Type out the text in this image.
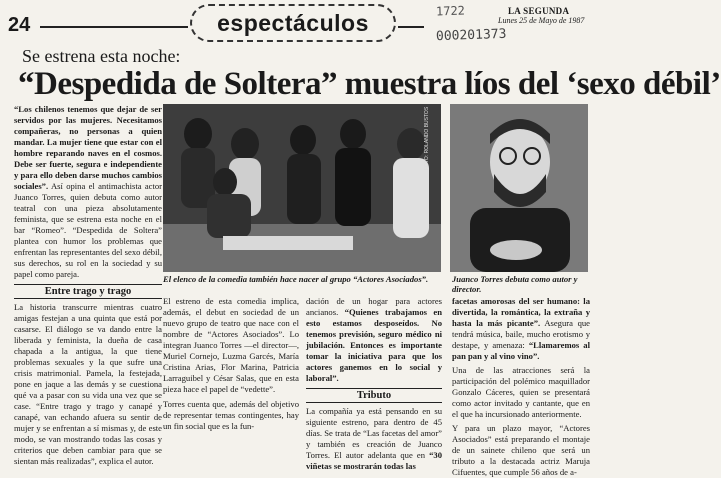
24	espectáculos	1722
000201373
LA SEGUNDA
Lunes 25 de Mayo de 1987
Se estrena esta noche:
“Despedida de Soltera” muestra líos del ‘sexo débil’

“Los chilenos tenemos que dejar de ser servidos por las mujeres. Necesitamos compañeras, no personas a quien mandar. La mujer tiene que estar con el hombre reparando naves en el cosmos. Debe ser fuerte, segura e independiente y para ello deben darse muchos cambios sociales”. Así opina el antimachista actor Juanco Torres, quien debuta como autor teatral con una pieza absolutamente feminista, que se estrena esta noche en el bar “Romeo”. “Despedida de Soltera” plantea con humor los problemas que enfrentan las representantes del sexo débil, sus derechos, su rol en la sociedad y su papel como pareja.

Entre trago y trago

La historia transcurre mientras cuatro amigas festejan a una quinta que está por casarse. El diálogo se va dando entre la liberada y feminista, la dueña de casa chapada a la antigua, la que tiene problemas sexuales y la que sufre una crisis matrimonial. Pamela, la festejada, pone en jaque a las demás y se cuestiona qué va a pasar con su vida una vez que se case. “Entre trago y trago y canapé y canapé, van echando afuera su sentir de mujer y se enfrentan a sí mismas y, de este modo, se van mostrando todas las cosas y criterios que deben cambiar para que se sientan más realizadas”, explica el autor.

FOTO: ROLANDO BUSTOS
El elenco de la comedia también hace nacer al grupo “Actores Asociados”.	Juanco Torres debuta como autor y director.

El estreno de esta comedia implica, además, el debut en sociedad de un nuevo grupo de teatro que nace con el nombre de “Actores Asociados”. Lo integran Juanco Torres —el director—, Muriel Cornejo, Luzma Garcés, María Cristina Arias, Flor Marina, Patricia Larraguibel y César Salas, que en esta pieza hace el papel de “vedette”.

Torres cuenta que, además del objetivo de representar temas contingentes, hay un fin social que es la fun-

dación de un hogar para actores ancianos. “Quienes trabajamos en esto estamos desposeídos. No tenemos previsión, seguro médico ni jubilación. Entonces es importante tomar la iniciativa para que los actores ganemos en lo social y laboral”.

Tributo

La compañía ya está pensando en su siguiente estreno, para dentro de 45 días. Se trata de “Las facetas del amor” y también es creación de Juanco Torres. El autor adelanta que en “30 viñetas se mostrarán todas las

facetas amorosas del ser humano: la divertida, la romántica, la extraña y hasta la más picante”. Asegura que tendrá música, baile, mucho erotismo y destape, y amenaza: “Llamaremos al pan pan y al vino vino”.

Una de las atracciones será la participación del polémico maquillador Gonzalo Cáceres, quien se presentará como actor invitado y cantante, que en el que ha incursionado anteriormente.

Y para un plazo mayor, “Actores Asociados” está preparando el montaje de un sainete chileno que será un tributo a la destacada actriz Maruja Cifuentes, que cumple 56 años de a-
